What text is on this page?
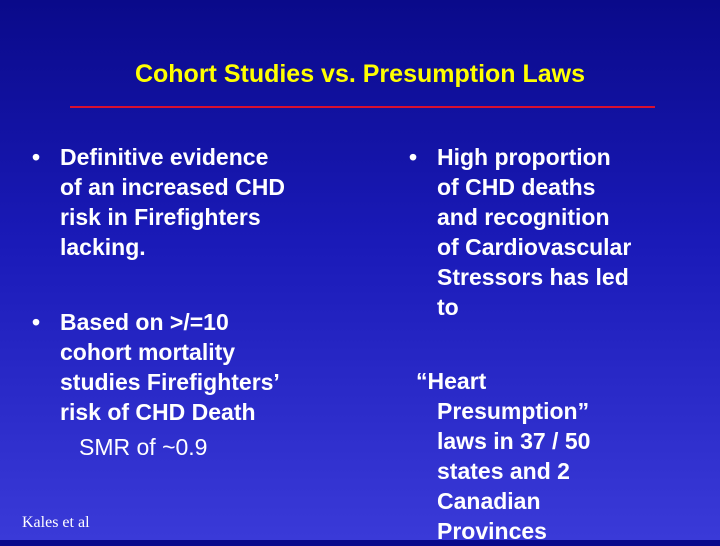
Cohort Studies vs. Presumption Laws
• Definitive evidence
of an increased CHD
risk in Firefighters
lacking.
• Based on >/=10
cohort mortality
studies Firefighters’
risk of CHD Death
SMR of ~0.9
• High proportion
of CHD deaths
and recognition
of Cardiovascular
Stressors has led
to
“Heart
Presumption”
laws in 37 / 50
states and 2
Canadian
Provinces
Kales et al
